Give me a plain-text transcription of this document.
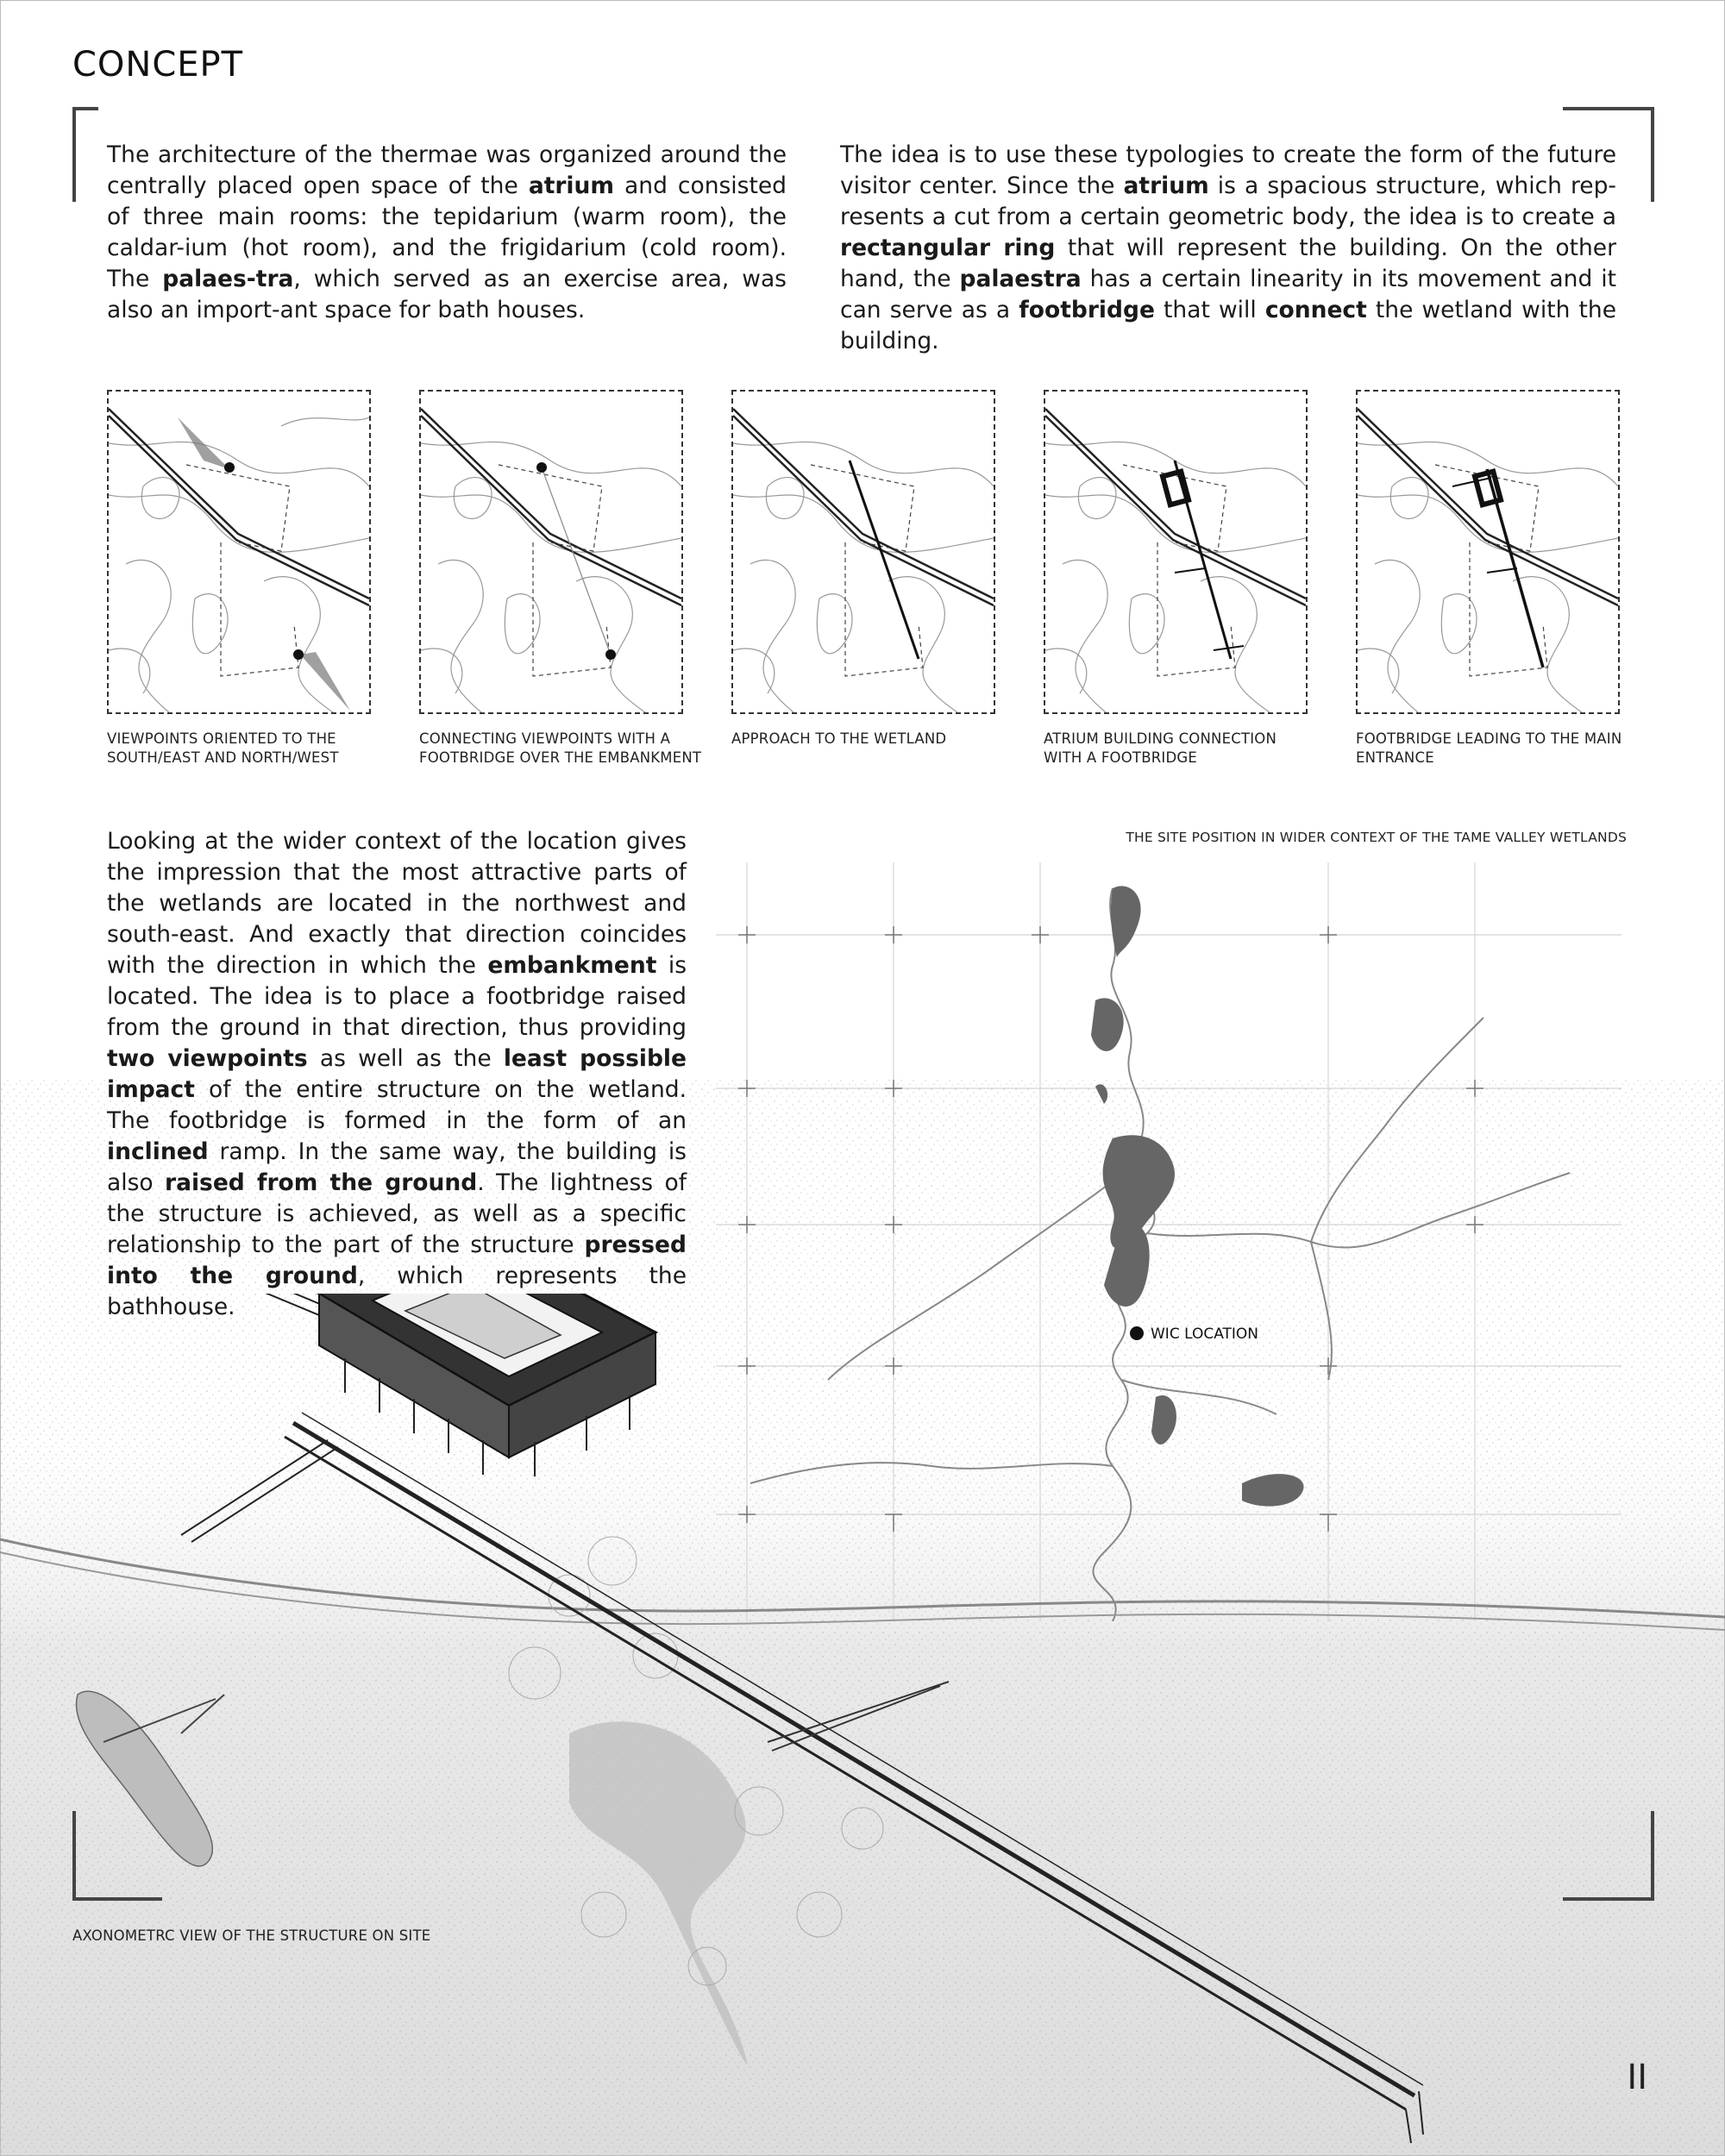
CONCEPT
The architecture of the thermae was organized around the centrally placed open space of the atrium and consisted of three main rooms: the tepidarium (warm room), the caldar-ium (hot room), and the frigidarium (cold room). The palaes-tra, which served as an exercise area, was also an import-ant space for bath houses.
The idea is to use these typologies to create the form of the future visitor center. Since the atrium is a spacious structure, which rep-resents a cut from a certain geometric body, the idea is to create a rectangular ring that will represent the building. On the other hand, the palaestra has a certain linearity in its movement and it can serve as a footbridge that will connect the wetland with the building.
VIEWPOINTS ORIENTED TO THE
SOUTH/EAST AND NORTH/WEST
CONNECTING VIEWPOINTS WITH A
FOOTBRIDGE OVER THE EMBANKMENT
APPROACH TO THE WETLAND	ATRIUM BUILDING CONNECTION
WITH A FOOTBRIDGE
FOOTBRIDGE LEADING TO THE MAIN
ENTRANCE
Looking at the wider context of the location gives the impression that the most attractive parts of the wetlands are located in the northwest and south-east. And exactly that direction coincides with the direction in which the embankment is located. The idea is to place a footbridge raised from the ground in that direction, thus providing two viewpoints as well as the least possible impact of the entire structure on the wetland. The footbridge is formed in the form of an inclined ramp. In the same way, the building is also raised from the ground. The lightness of the structure is achieved, as well as a specific relationship to the part of the structure pressed into the ground, which represents the bathhouse.
THE SITE POSITION IN WIDER CONTEXT OF THE TAME VALLEY WETLANDS
WIC LOCATION
AXONOMETRC VIEW OF THE STRUCTURE ON SITE
II
